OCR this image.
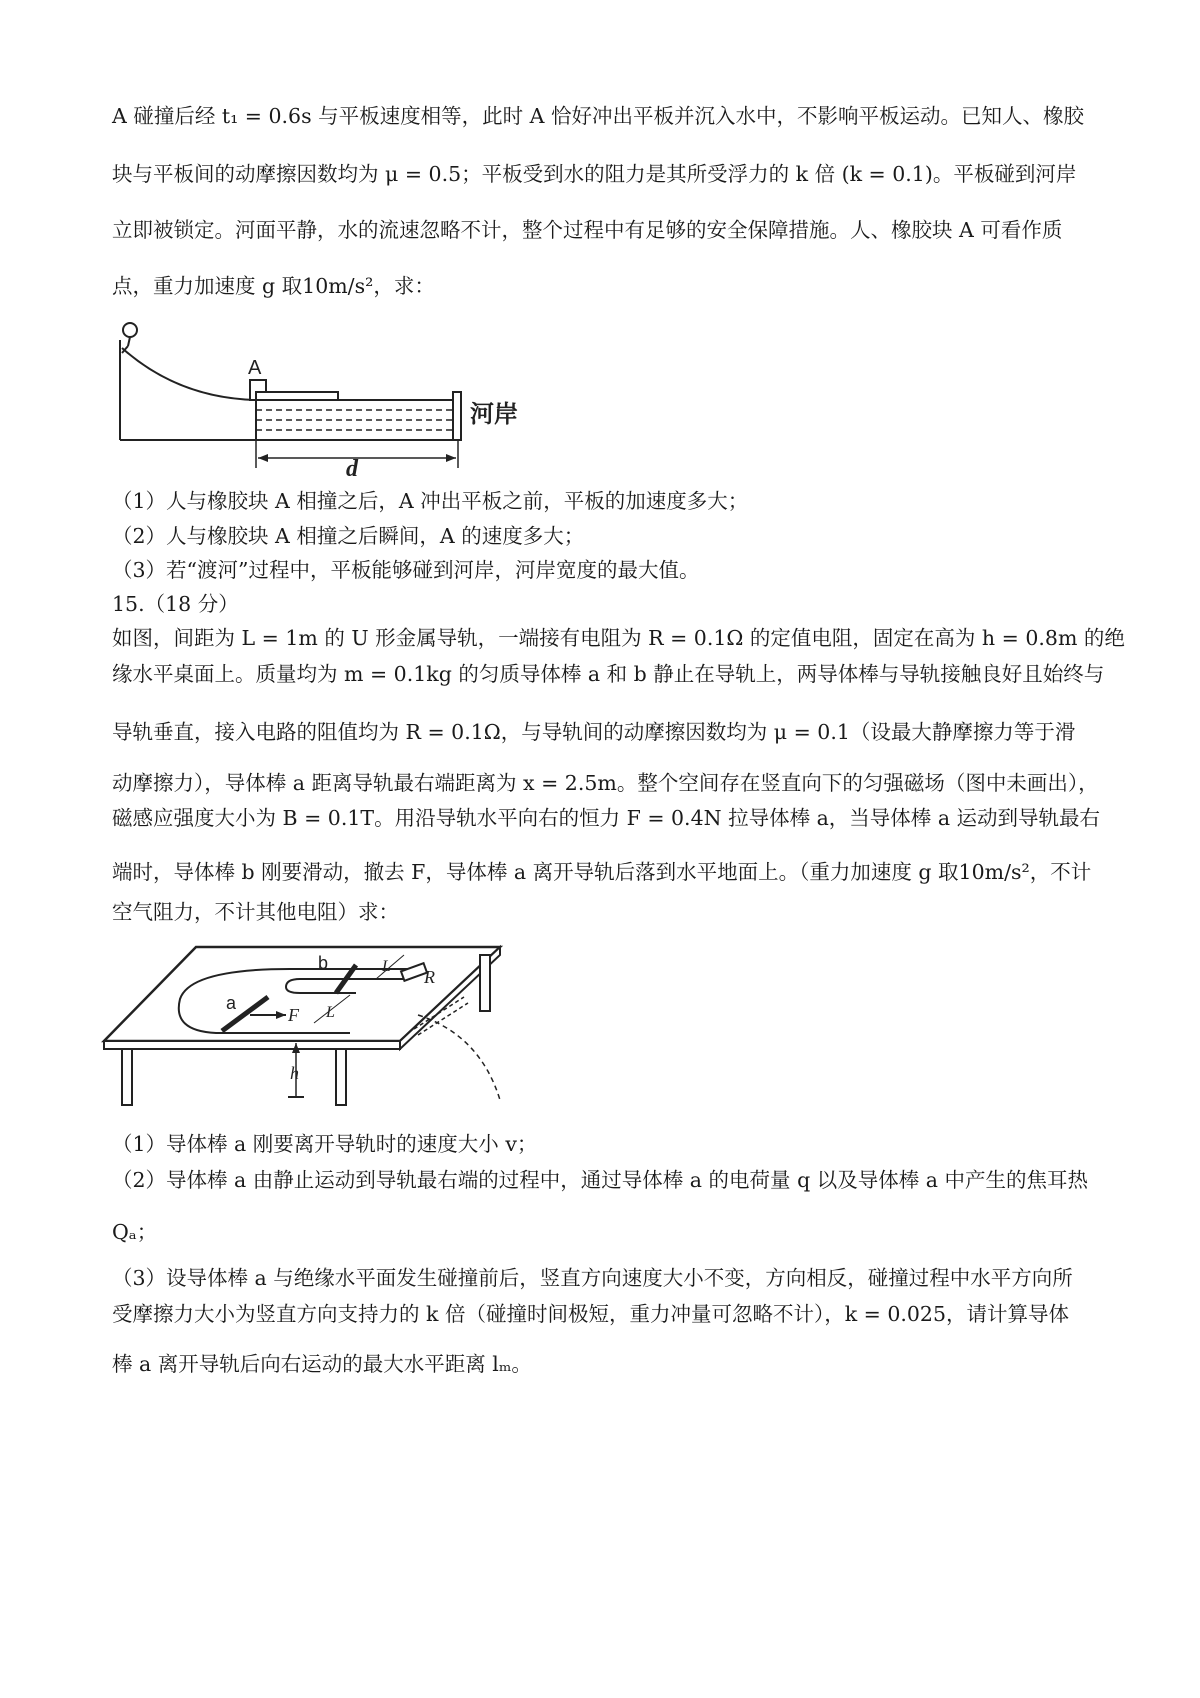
A 碰撞后经 t₁ = 0.6s 与平板速度相等，此时 A 恰好冲出平板并沉入水中，不影响平板运动。已知人、橡胶
块与平板间的动摩擦因数均为 μ = 0.5；平板受到水的阻力是其所受浮力的 k 倍 (k = 0.1)。平板碰到河岸
立即被锁定。河面平静，水的流速忽略不计，整个过程中有足够的安全保障措施。人、橡胶块 A 可看作质
点，重力加速度 g 取10m/s²，求：
A
河岸
d
（1）人与橡胶块 A 相撞之后，A 冲出平板之前，平板的加速度多大；
（2）人与橡胶块 A 相撞之后瞬间，A 的速度多大；
（3）若“渡河”过程中，平板能够碰到河岸，河岸宽度的最大值。
15.（18 分）
如图，间距为 L = 1m 的 U 形金属导轨，一端接有电阻为 R = 0.1Ω 的定值电阻，固定在高为 h = 0.8m 的绝
缘水平桌面上。质量均为 m = 0.1kg 的匀质导体棒 a 和 b 静止在导轨上，两导体棒与导轨接触良好且始终与
导轨垂直，接入电路的阻值均为 R = 0.1Ω，与导轨间的动摩擦因数均为 μ = 0.1（设最大静摩擦力等于滑
动摩擦力），导体棒 a 距离导轨最右端距离为 x = 2.5m。整个空间存在竖直向下的匀强磁场（图中未画出），
磁感应强度大小为 B = 0.1T。用沿导轨水平向右的恒力 F = 0.4N 拉导体棒 a，当导体棒 a 运动到导轨最右
端时，导体棒 b 刚要滑动，撤去 F，导体棒 a 离开导轨后落到水平地面上。（重力加速度 g 取10m/s²，不计
空气阻力，不计其他电阻）求：
R
b
a
F L
L
h
（1）导体棒 a 刚要离开导轨时的速度大小 v；
（2）导体棒 a 由静止运动到导轨最右端的过程中，通过导体棒 a 的电荷量 q 以及导体棒 a 中产生的焦耳热
Qₐ；
（3）设导体棒 a 与绝缘水平面发生碰撞前后，竖直方向速度大小不变，方向相反，碰撞过程中水平方向所
受摩擦力大小为竖直方向支持力的 k 倍（碰撞时间极短，重力冲量可忽略不计），k = 0.025，请计算导体
棒 a 离开导轨后向右运动的最大水平距离 lₘ。
